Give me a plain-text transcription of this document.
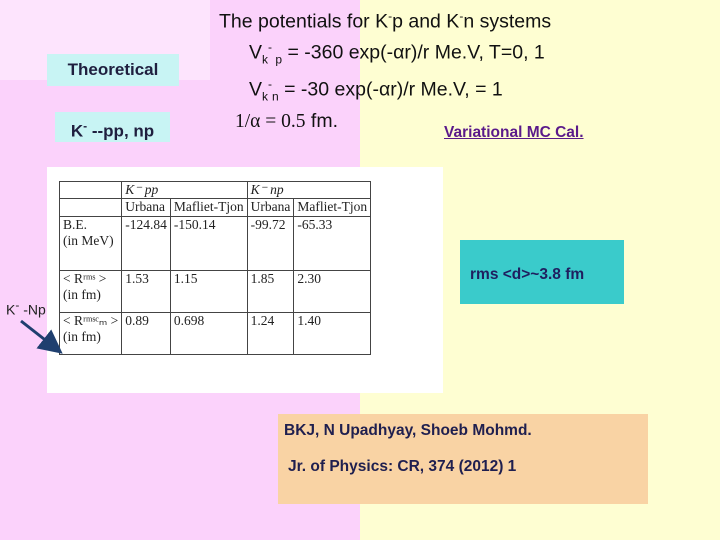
Theoretical
K- --pp, np
The potentials for K-p and K-n systems
$V_k^-$ $_p$ = -360 exp(-αr)/r Me.V, T=0, 1
$V_k^-_n = -30$ exp(-αr)/r Me.V, = 1
1/α = 0.5 fm.
Variational MC Cal.
	K⁻ pp		K⁻ np	
	Urbana	Mafliet-Tjon	Urbana	Mafliet-Tjon

B.E.
(in MeV)	-124.84	-150.14	-99.72	-65.33

< Rʳᵐˢ >
(in fm)	1.53	1.15	1.85	2.30

< Rʳᵐˢᶜₘ >
(in fm)	0.89	0.698	1.24	1.40
rms <d>~3.8 fm
K- -Np
BKJ, N Upadhyay, Shoeb Mohmd.
Jr. of Physics: CR, 374 (2012) 1
